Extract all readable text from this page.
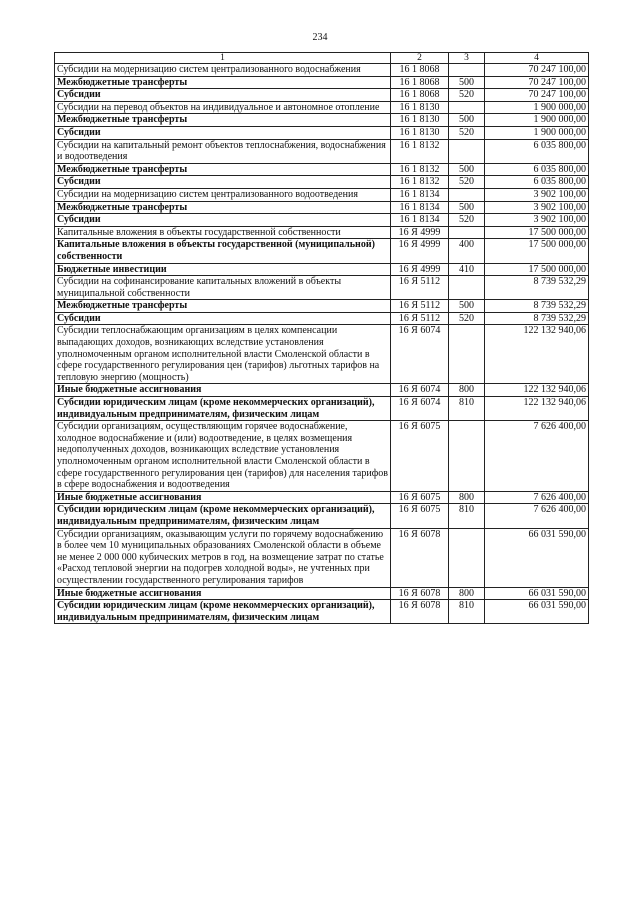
234
1	2	3	4
Субсидии на модернизацию систем централизованного водоснабжения	16 1 8068		70 247 100,00
Межбюджетные трансферты	16 1 8068	500	70 247 100,00
Субсидии	16 1 8068	520	70 247 100,00
Субсидии на перевод объектов на индивидуальное и автономное отопление	16 1 8130		1 900 000,00
Межбюджетные трансферты	16 1 8130	500	1 900 000,00
Субсидии	16 1 8130	520	1 900 000,00
Субсидии на капитальный ремонт объектов теплоснабжения, водоснабжения и водоотведения	16 1 8132		6 035 800,00
Межбюджетные трансферты	16 1 8132	500	6 035 800,00
Субсидии	16 1 8132	520	6 035 800,00
Субсидии на модернизацию систем централизованного водоотведения	16 1 8134		3 902 100,00
Межбюджетные трансферты	16 1 8134	500	3 902 100,00
Субсидии	16 1 8134	520	3 902 100,00
Капитальные вложения в объекты государственной собственности	16 Я 4999		17 500 000,00
Капитальные вложения в объекты государственной (муниципальной) собственности	16 Я 4999	400	17 500 000,00
Бюджетные инвестиции	16 Я 4999	410	17 500 000,00
Субсидии на софинансирование капитальных вложений в объекты муниципальной собственности	16 Я 5112		8 739 532,29
Межбюджетные трансферты	16 Я 5112	500	8 739 532,29
Субсидии	16 Я 5112	520	8 739 532,29
Субсидии теплоснабжающим организациям в целях компенсации выпадающих доходов, возникающих вследствие установления уполномоченным органом исполнительной власти Смоленской области в сфере государственного регулирования цен (тарифов) льготных тарифов на тепловую энергию (мощность)	16 Я 6074		122 132 940,06
Иные бюджетные ассигнования	16 Я 6074	800	122 132 940,06
Субсидии юридическим лицам (кроме некоммерческих организаций), индивидуальным предпринимателям, физическим лицам	16 Я 6074	810	122 132 940,06
Субсидии организациям, осуществляющим горячее водоснабжение, холодное водоснабжение и (или) водоотведение, в целях возмещения недополученных доходов, возникающих вследствие установления уполномоченным органом исполнительной власти Смоленской области в сфере государственного регулирования цен (тарифов) для населения тарифов в сфере водоснабжения и водоотведения	16 Я 6075		7 626 400,00
Иные бюджетные ассигнования	16 Я 6075	800	7 626 400,00
Субсидии юридическим лицам (кроме некоммерческих организаций), индивидуальным предпринимателям, физическим лицам	16 Я 6075	810	7 626 400,00
Субсидии организациям, оказывающим услуги по горячему водоснабжению в более чем 10 муниципальных образованиях Смоленской области в объеме не менее 2 000 000 кубических метров в год, на возмещение затрат по статье «Расход тепловой энергии на подогрев холодной воды», не учтенных при осуществлении государственного регулирования тарифов	16 Я 6078		66 031 590,00
Иные бюджетные ассигнования	16 Я 6078	800	66 031 590,00
Субсидии юридическим лицам (кроме некоммерческих организаций), индивидуальным предпринимателям, физическим лицам	16 Я 6078	810	66 031 590,00
